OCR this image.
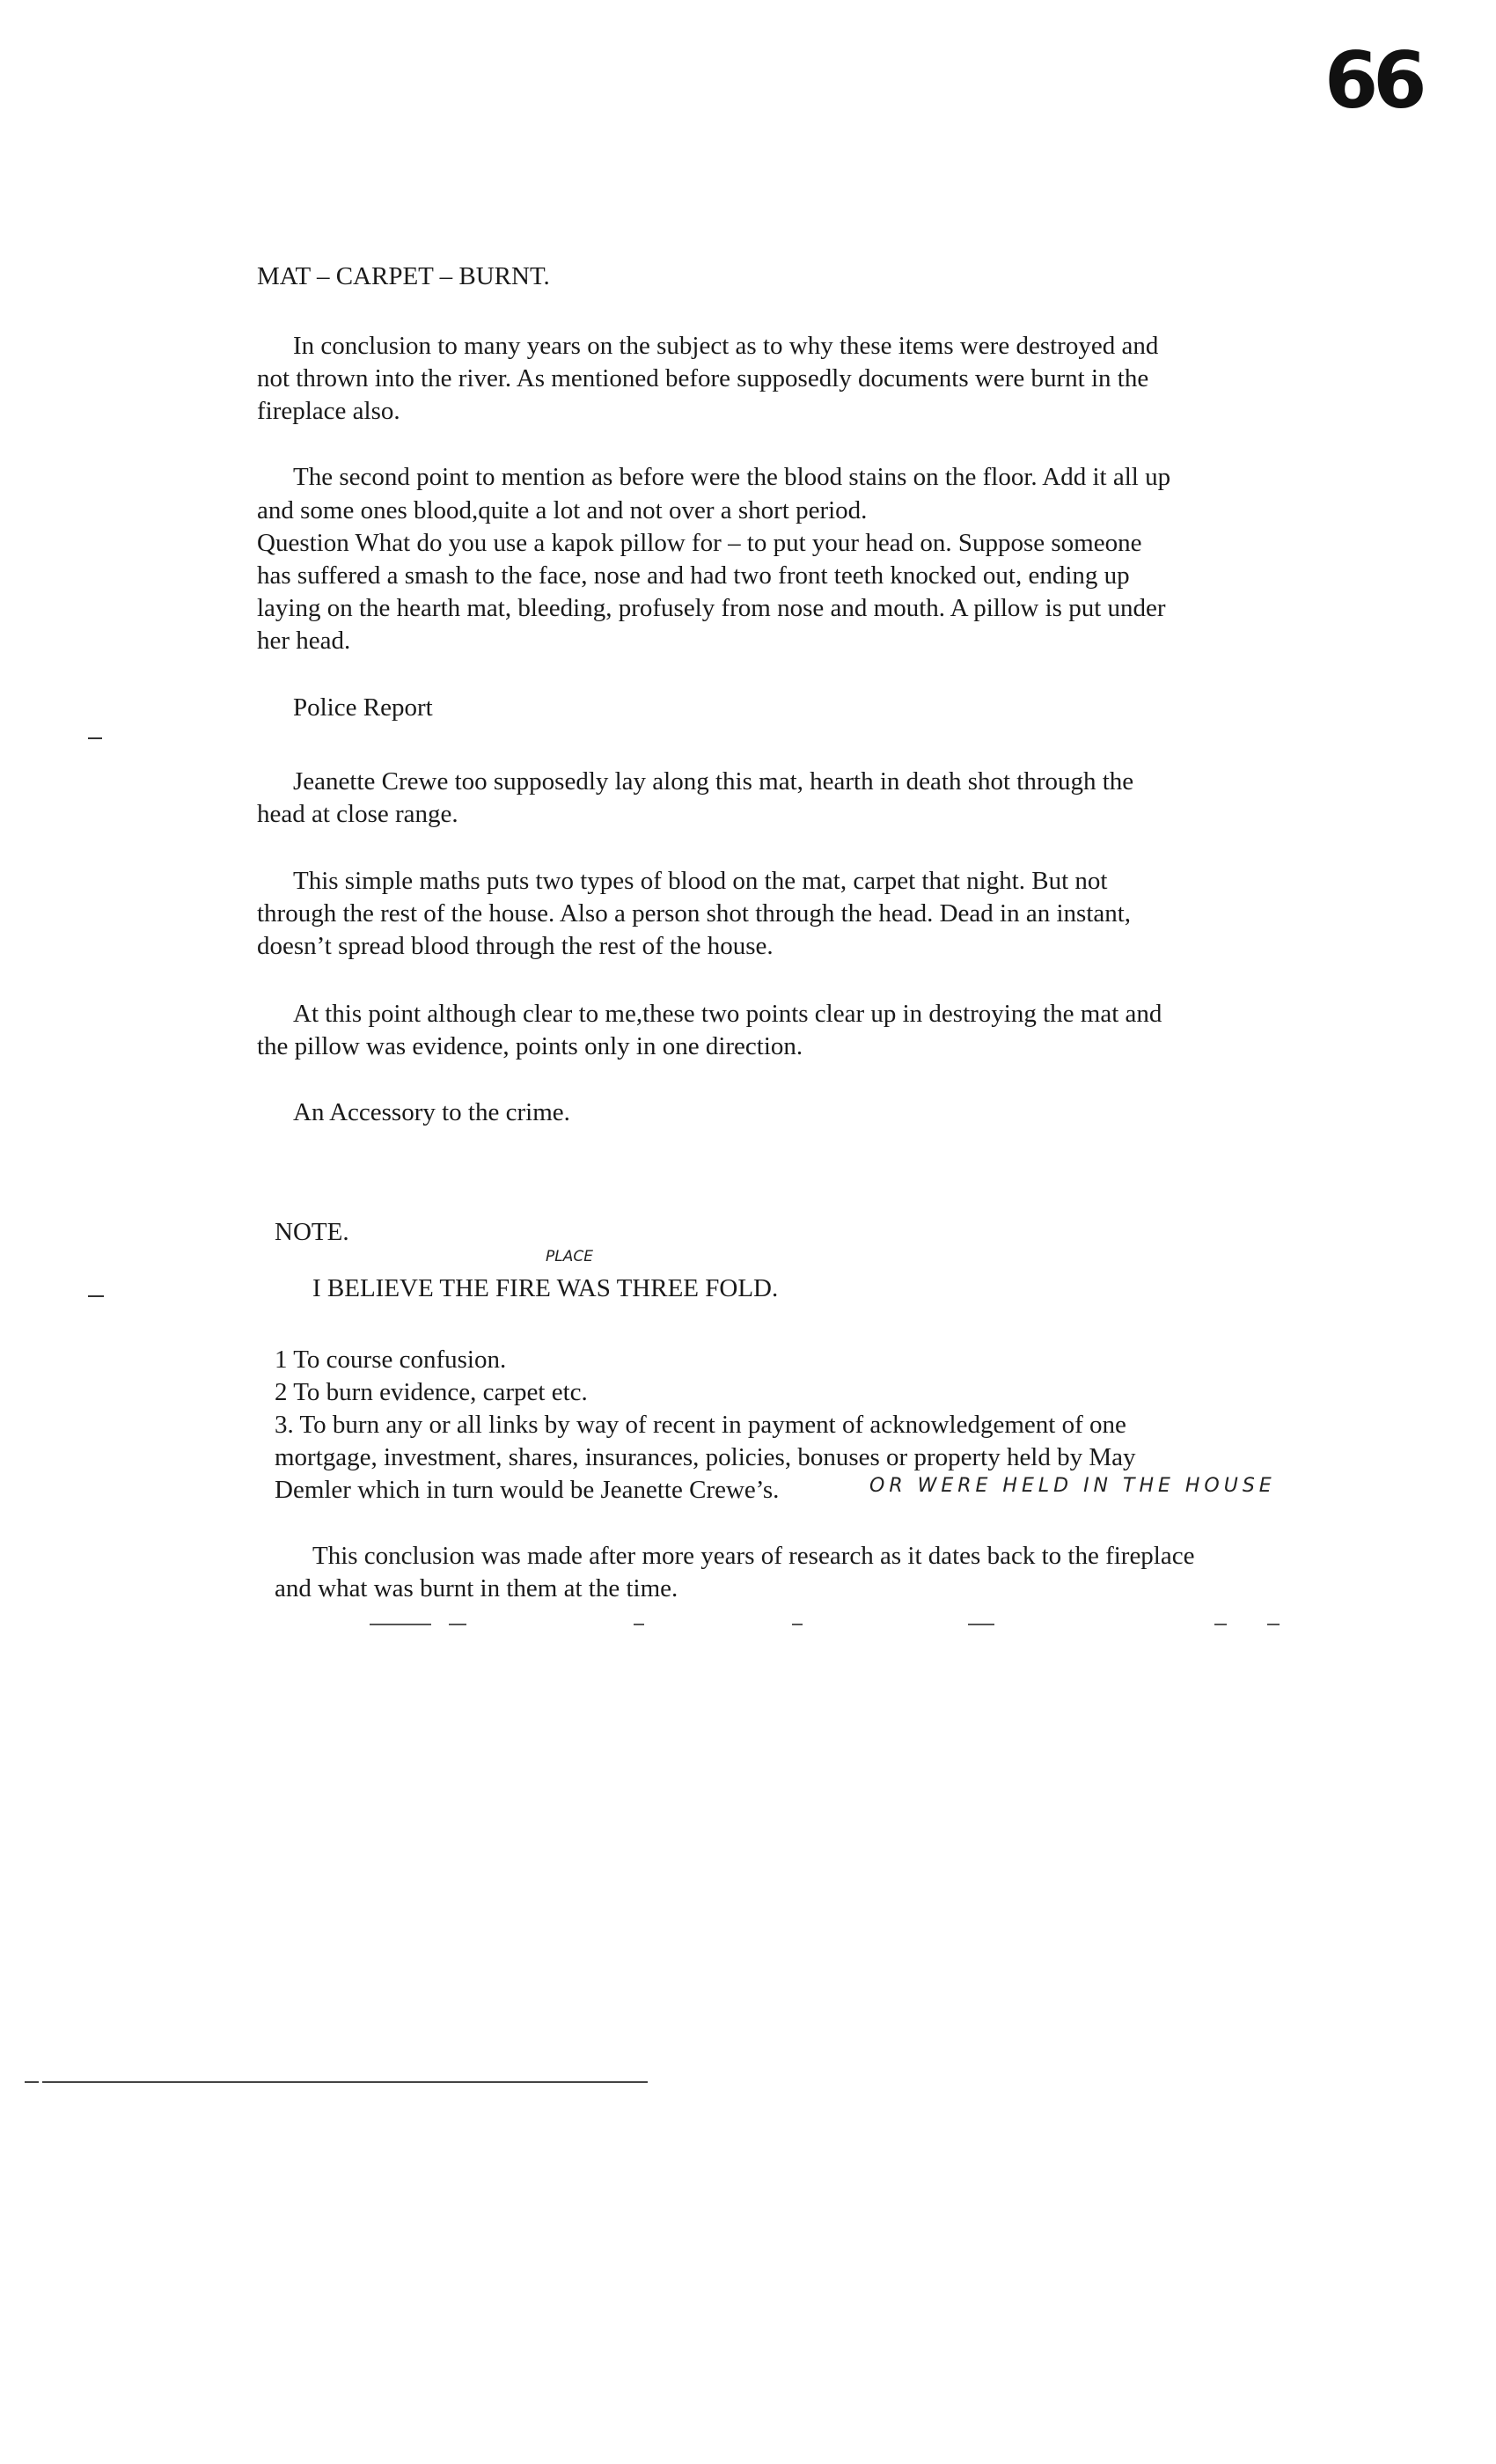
66
MAT – CARPET – BURNT.
In conclusion to many years on the subject as to why these items were destroyed and
not thrown into the river. As mentioned before supposedly documents were burnt in the
fireplace also.
The second point to mention as before were the blood stains on the floor. Add it all up
and some ones blood,quite a lot and not over a short period.
Question What do you use a kapok pillow for – to put your head on. Suppose someone
has suffered a smash to the face, nose and had two front teeth knocked out, ending up
laying on the hearth mat, bleeding, profusely from nose and mouth. A pillow is put under
her head.
Police Report
Jeanette Crewe too supposedly lay along this mat, hearth in death shot through the
head at close range.
This simple maths puts two types of blood on the mat, carpet that night. But not
through the rest of the house. Also a person shot through the head. Dead in an instant,
doesn’t spread blood through the rest of the house.
At this point although clear to me,these two points clear up in destroying the mat and
the pillow was evidence, points only in one direction.
An Accessory to the crime.
NOTE.
PLACE
I BELIEVE THE FIRE WAS THREE FOLD.
1 To course confusion.
2 To burn evidence, carpet etc.
3. To burn any or all links by way of recent in payment of acknowledgement of one
mortgage, investment, shares, insurances, policies, bonuses or property held by May
Demler which in turn would be Jeanette Crewe’s.	OR WERE HELD IN THE HOUSE
This conclusion was made after more years of research as it dates back to the fireplace
and what was burnt in them at the time.
